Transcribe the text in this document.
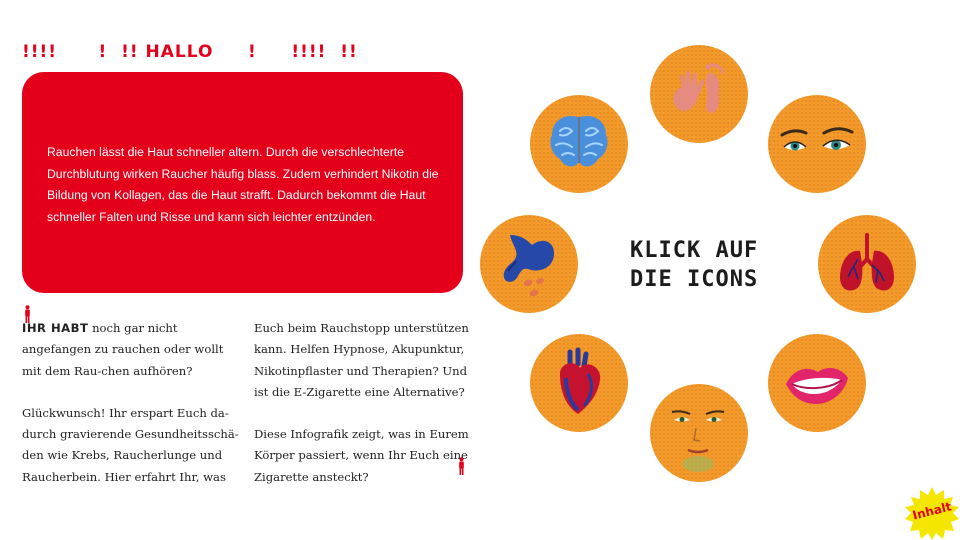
!!!!      !  !! HALLO     !     !!!!  !!

Rauchen lässt die Haut schneller altern. Durch die verschlechterte Durchblutung wirken Raucher häufig blass. Zudem verhindert Nikotin die Bildung von Kollagen, das die Haut strafft. Dadurch bekommt die Haut schneller Falten und Risse und kann sich leichter entzünden.

IHR HABT noch gar nicht angefangen zu rauchen oder wollt mit dem Rau-chen aufhören?

Glückwunsch! Ihr erspart Euch da-durch gravierende Gesundheitsschä-den wie Krebs, Raucherlunge und Raucherbein. Hier erfahrt Ihr, was

Euch beim Rauchstopp unterstützen kann. Helfen Hypnose, Akupunktur, Nikotinpflaster und Therapien? Und ist die E-Zigarette eine Alternative?

Diese Infografik zeigt, was in Eurem Körper passiert, wenn Ihr Euch eine Zigarette ansteckt?

KLICK AUF
DIE ICONS

Inhalt
